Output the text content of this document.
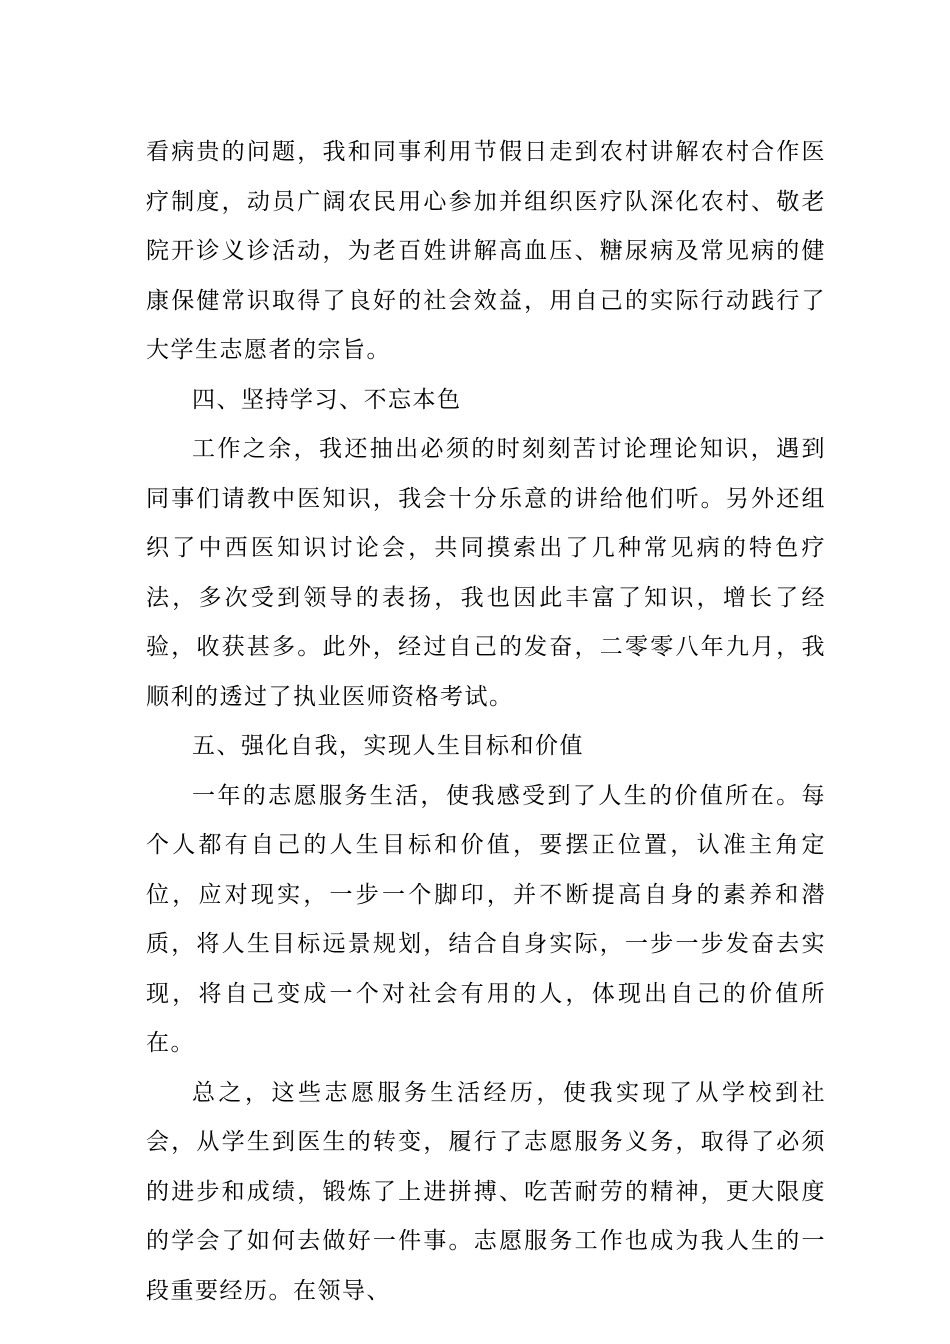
看病贵的问题，我和同事利用节假日走到农村讲解农村合作医疗制度，动员广阔农民用心参加并组织医疗队深化农村、敬老院开诊义诊活动，为老百姓讲解高血压、糖尿病及常见病的健康保健常识取得了良好的社会效益，用自己的实际行动践行了大学生志愿者的宗旨。

四、坚持学习、不忘本色

工作之余，我还抽出必须的时刻刻苦讨论理论知识，遇到同事们请教中医知识，我会十分乐意的讲给他们听。另外还组织了中西医知识讨论会，共同摸索出了几种常见病的特色疗法，多次受到领导的表扬，我也因此丰富了知识，增长了经验，收获甚多。此外，经过自己的发奋，二零零八年九月，我顺利的透过了执业医师资格考试。

五、强化自我，实现人生目标和价值

一年的志愿服务生活，使我感受到了人生的价值所在。每个人都有自己的人生目标和价值，要摆正位置，认准主角定位，应对现实，一步一个脚印，并不断提高自身的素养和潜质，将人生目标远景规划，结合自身实际，一步一步发奋去实现，将自己变成一个对社会有用的人，体现出自己的价值所在。

总之，这些志愿服务生活经历，使我实现了从学校到社会，从学生到医生的转变，履行了志愿服务义务，取得了必须的进步和成绩，锻炼了上进拼搏、吃苦耐劳的精神，更大限度的学会了如何去做好一件事。志愿服务工作也成为我人生的一段重要经历。在领导、
